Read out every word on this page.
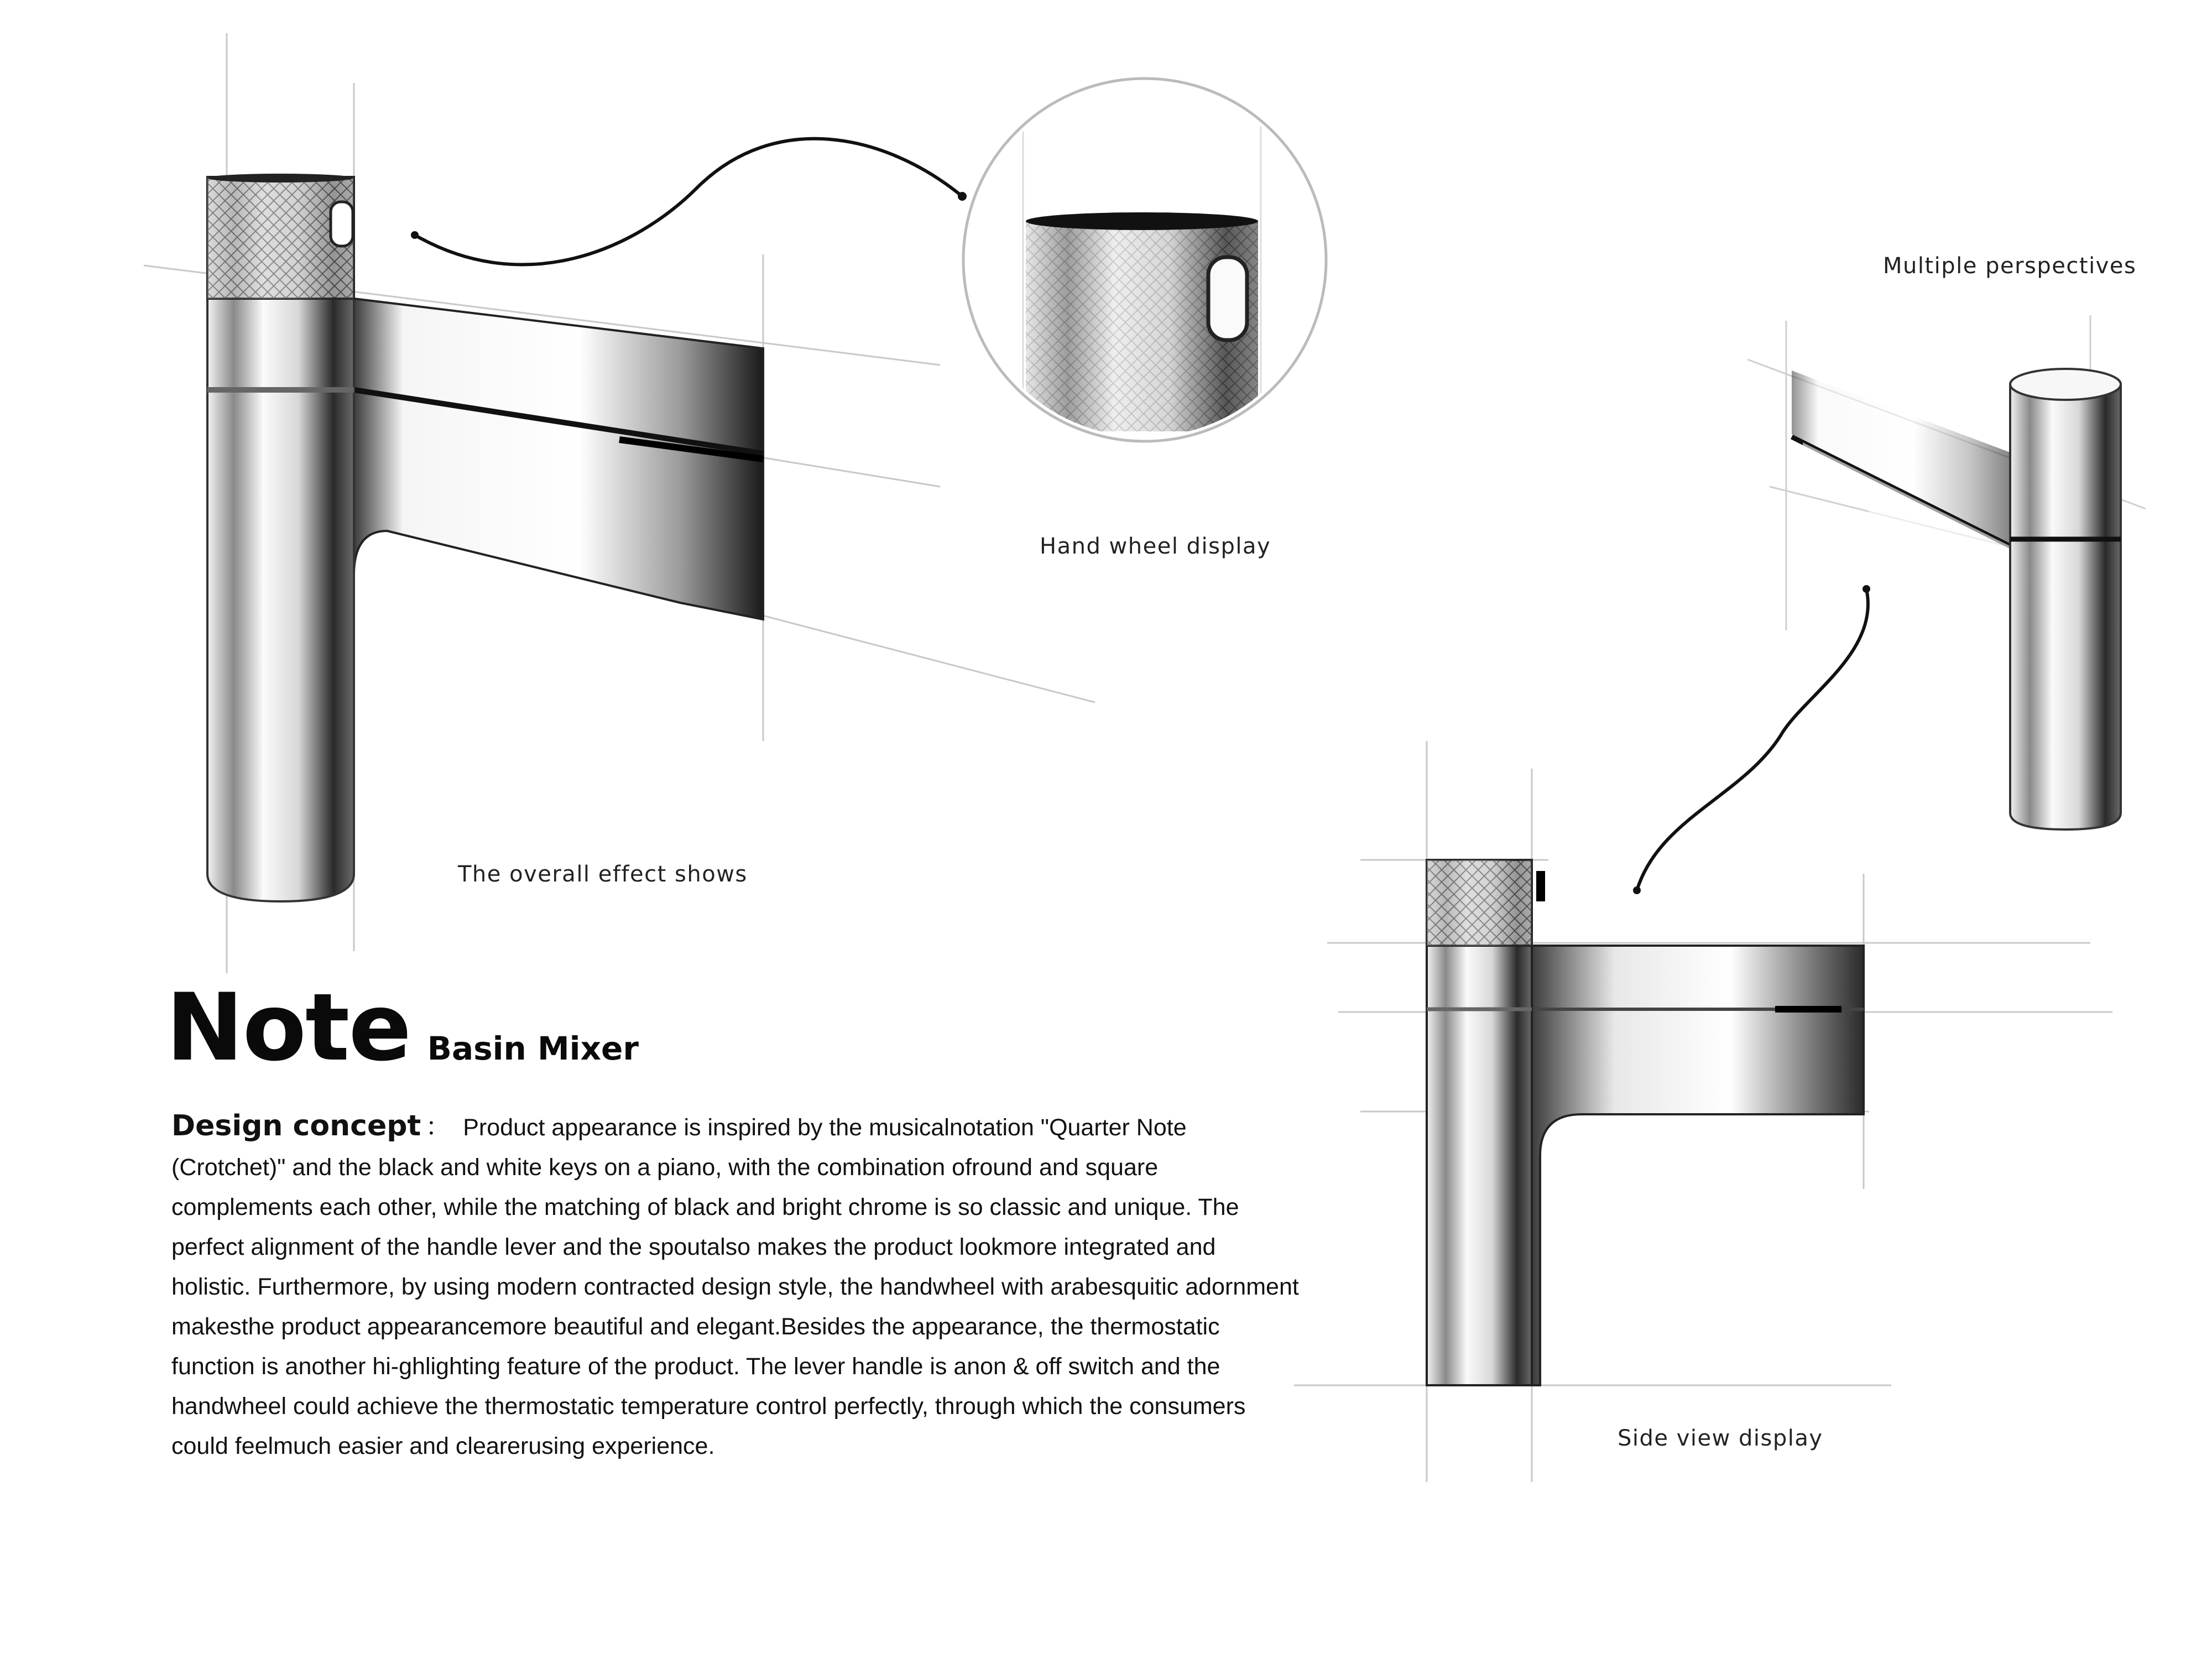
The overall effect shows
Hand wheel display
Multiple perspectives
Side view display
Note Basin Mixer
Design concept ： Product appearance is inspired by the musicalnotation "Quarter Note (Crotchet)" and the black and white keys on a piano, with the combination ofround and square complements each other, while the matching of black and bright chrome is so classic and unique. The perfect alignment of the handle lever and the spoutalso makes the product lookmore integrated and holistic. Furthermore, by using modern contracted design style, the handwheel with arabesquitic adornment makesthe product appearancemore beautiful and elegant.Besides the appearance, the thermostatic function is another hi-ghlighting feature of the product. The lever handle is anon & off switch and the handwheel could achieve the thermostatic temperature control perfectly, through which the consumers could feelmuch easier and clearerusing experience.
